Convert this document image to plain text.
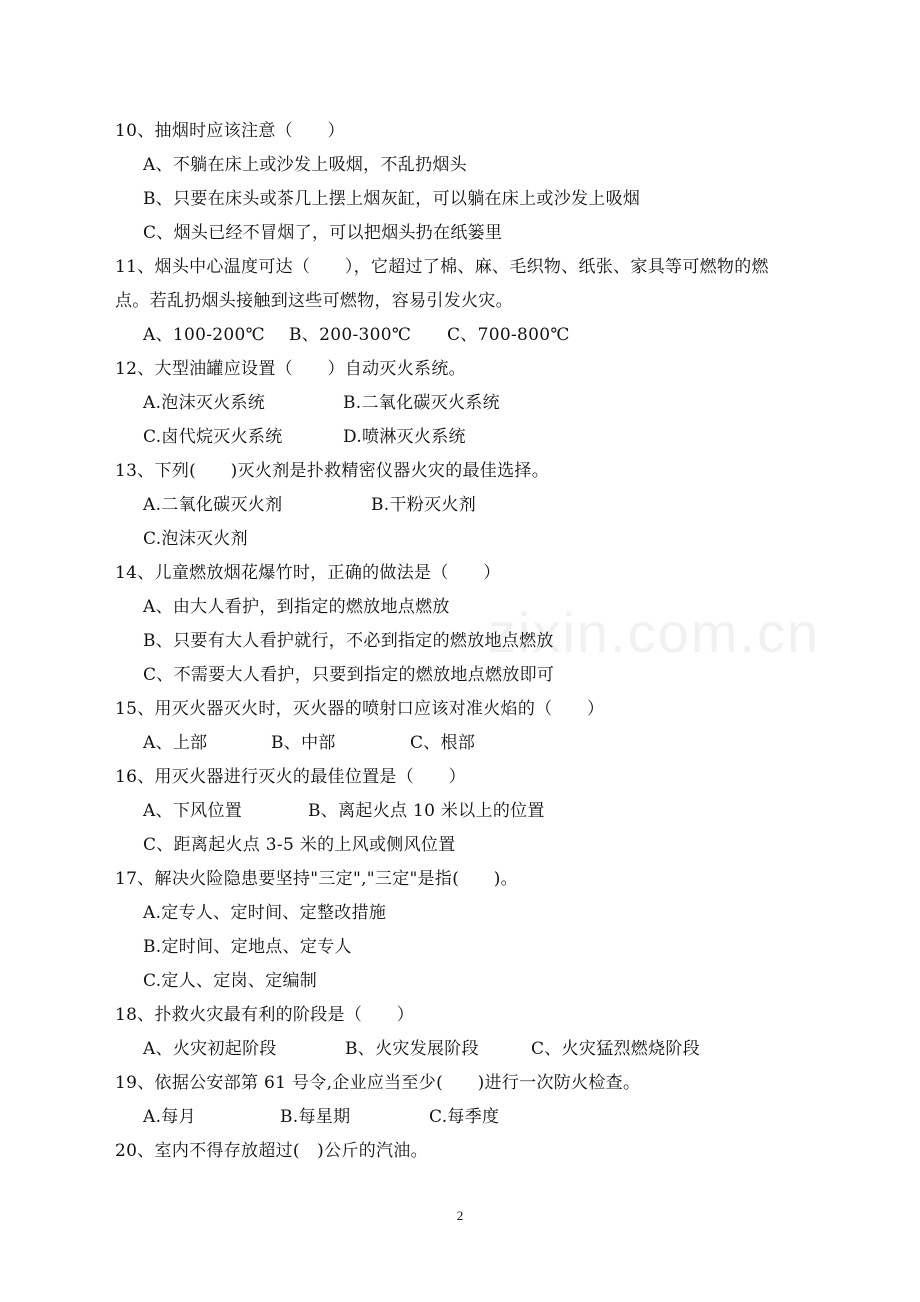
zixin.com.cn
10、抽烟时应该注意（　　）
A、不躺在床上或沙发上吸烟，不乱扔烟头
B、只要在床头或茶几上摆上烟灰缸，可以躺在床上或沙发上吸烟
C、烟头已经不冒烟了，可以把烟头扔在纸篓里
11、烟头中心温度可达（　　），它超过了棉、麻、毛织物、纸张、家具等可燃物的燃
点。若乱扔烟头接触到这些可燃物，容易引发火灾。
A、100-200℃ B、200-300℃ C、700-800℃
12、大型油罐应设置（　　）自动灭火系统。
A.泡沫灭火系统	B.二氧化碳灭火系统
C.卤代烷灭火系统	D.喷淋灭火系统
13、下列(　　)灭火剂是扑救精密仪器火灾的最佳选择。
A.二氧化碳灭火剂	B.干粉灭火剂
C.泡沫灭火剂
14、儿童燃放烟花爆竹时，正确的做法是（　　）
A、由大人看护，到指定的燃放地点燃放
B、只要有大人看护就行，不必到指定的燃放地点燃放
C、不需要大人看护，只要到指定的燃放地点燃放即可
15、用灭火器灭火时，灭火器的喷射口应该对准火焰的（　　）
A、上部	B、中部	C、根部
16、用灭火器进行灭火的最佳位置是（　　）
A、下风位置	B、离起火点 10 米以上的位置
C、距离起火点 3-5 米的上风或侧风位置
17、解决火险隐患要坚持"三定","三定"是指(　　)。
A.定专人、定时间、定整改措施
B.定时间、定地点、定专人
C.定人、定岗、定编制
18、扑救火灾最有利的阶段是（　　）
A、火灾初起阶段	B、火灾发展阶段	C、火灾猛烈燃烧阶段
19、依据公安部第 61 号令,企业应当至少(　　)进行一次防火检查。
A.每月	B.每星期	C.每季度
20、室内不得存放超过(　)公斤的汽油。
2
